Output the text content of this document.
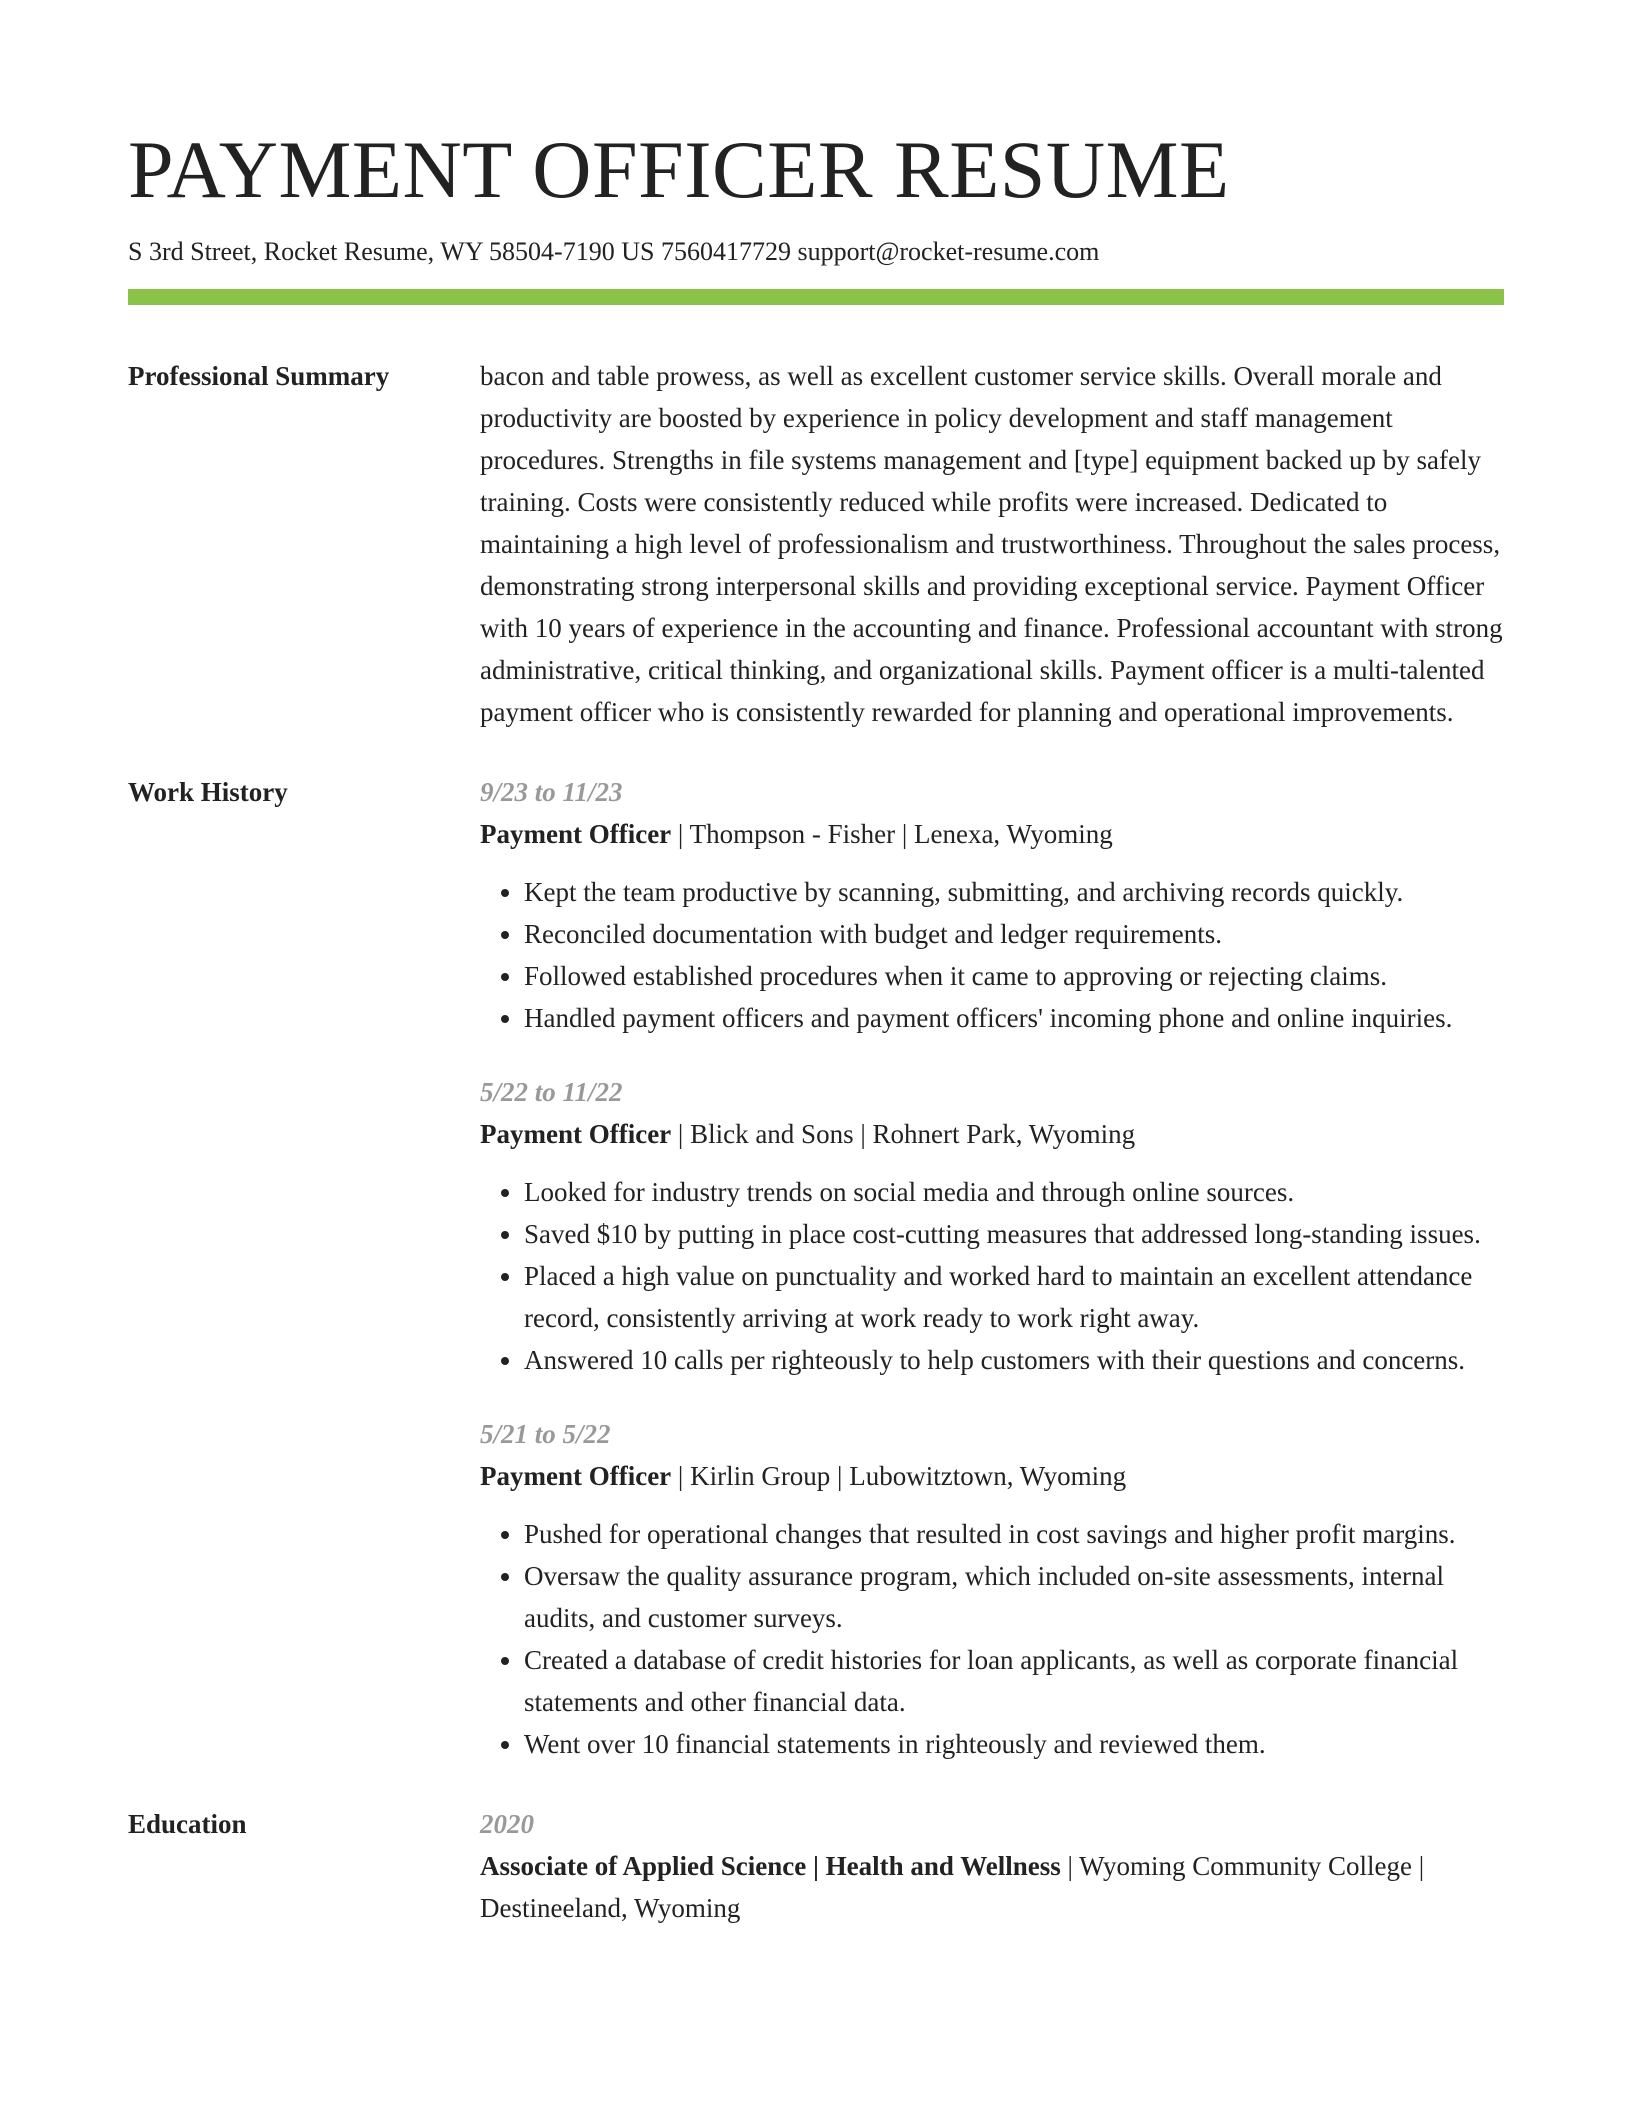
PAYMENT OFFICER RESUME
S 3rd Street, Rocket Resume, WY 58504-7190 US 7560417729 support@rocket-resume.com
Professional Summary	bacon and table prowess, as well as excellent customer service skills. Overall morale and productivity are boosted by experience in policy development and staff management procedures. Strengths in file systems management and [type] equipment backed up by safely training. Costs were consistently reduced while profits were increased. Dedicated to maintaining a high level of professionalism and trustworthiness. Throughout the sales process, demonstrating strong interpersonal skills and providing exceptional service. Payment Officer with 10 years of experience in the accounting and finance. Professional accountant with strong administrative, critical thinking, and organizational skills. Payment officer is a multi-talented payment officer who is consistently rewarded for planning and operational improvements.

Work History	9/23 to 11/23
Payment Officer | Thompson - Fisher | Lenexa, Wyoming
• Kept the team productive by scanning, submitting, and archiving records quickly.
• Reconciled documentation with budget and ledger requirements.
• Followed established procedures when it came to approving or rejecting claims.
• Handled payment officers and payment officers' incoming phone and online inquiries.
5/22 to 11/22
Payment Officer | Blick and Sons | Rohnert Park, Wyoming
• Looked for industry trends on social media and through online sources.
• Saved $10 by putting in place cost-cutting measures that addressed long-standing issues.
• Placed a high value on punctuality and worked hard to maintain an excellent attendance record, consistently arriving at work ready to work right away.
• Answered 10 calls per righteously to help customers with their questions and concerns.
5/21 to 5/22
Payment Officer | Kirlin Group | Lubowitztown, Wyoming
• Pushed for operational changes that resulted in cost savings and higher profit margins.
• Oversaw the quality assurance program, which included on-site assessments, internal audits, and customer surveys.
• Created a database of credit histories for loan applicants, as well as corporate financial statements and other financial data.
• Went over 10 financial statements in righteously and reviewed them.
Education	2020
Associate of Applied Science | Health and Wellness | Wyoming Community College | Destineeland, Wyoming
